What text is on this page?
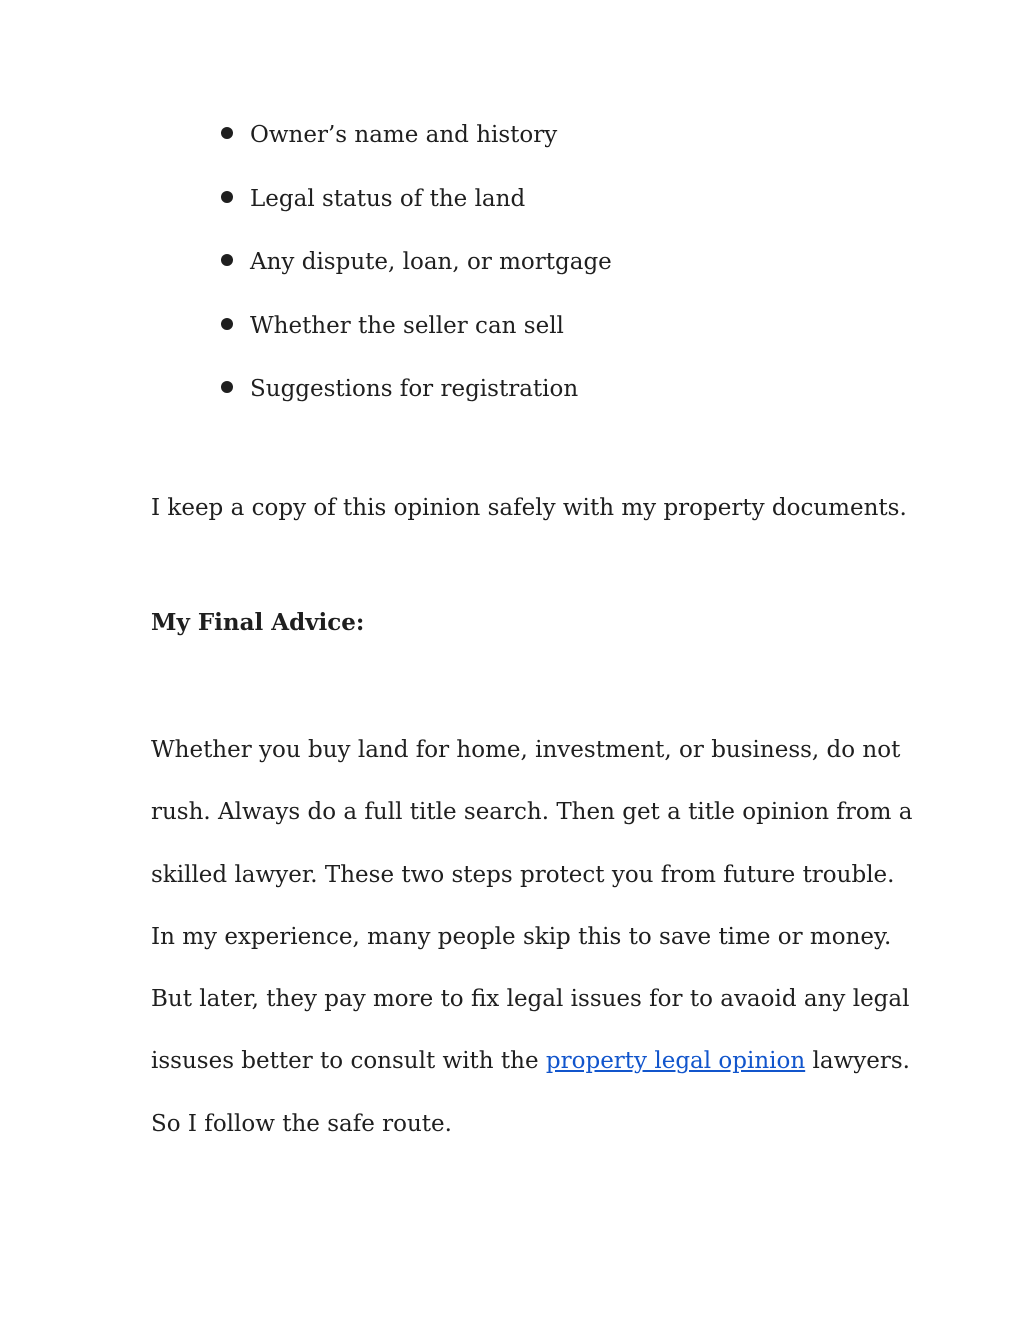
Owner’s name and history
Legal status of the land
Any dispute, loan, or mortgage
Whether the seller can sell
Suggestions for registration

I keep a copy of this opinion safely with my property documents.

My Final Advice:

Whether you buy land for home, investment, or business, do not
rush. Always do a full title search. Then get a title opinion from a
skilled lawyer. These two steps protect you from future trouble.
In my experience, many people skip this to save time or money.
But later, they pay more to fix legal issues for to avaoid any legal
issuses better to consult with the property legal opinion lawyers.
So I follow the safe route.
